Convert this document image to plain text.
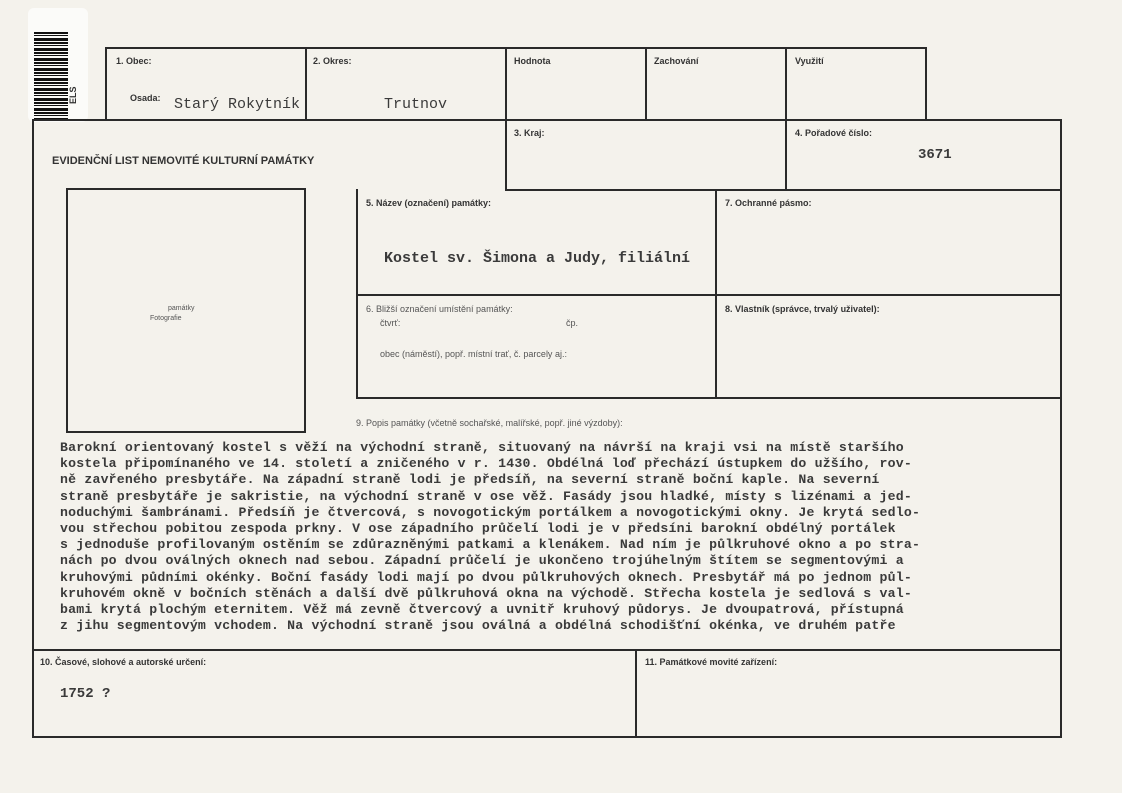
ELS
1. Obec:
Osada: Starý Rokytník
2. Okres:
Trutnov
Hodnota	Zachování	Využití
EVIDENČNÍ LIST NEMOVITÉ KULTURNÍ PAMÁTKY
3. Kraj:	4. Pořadové číslo:
3671
památky
Fotografie
5. Název (označení) památky:
Kostel sv. Šimona a Judy, filiální
7. Ochranné pásmo:
6. Bližší označení umístění památky:
čtvrť:	čp.
obec (náměstí), popř. místní trať, č. parcely aj.:
8. Vlastník (správce, trvalý uživatel):
9. Popis památky (včetně sochařské, malířské, popř. jiné výzdoby):
Barokní orientovaný kostel s věží na východní straně, situovaný na návrší na kraji vsi na místě staršího
kostela připomínaného ve 14. století a zničeného v r. 1430. Obdélná loď přechází ústupkem do užšího, rov-
ně zavřeného presbytáře. Na západní straně lodi je předsíň, na severní straně boční kaple. Na severní
straně presbytáře je sakristie, na východní straně v ose věž. Fasády jsou hladké, místy s lizénami a jed-
noduchými šambránami. Předsíň je čtvercová, s novogotickým portálkem a novogotickými okny. Je krytá sedlo-
vou střechou pobitou zespoda prkny. V ose západního průčelí lodi je v předsíni barokní obdélný portálek
s jednoduše profilovaným ostěním se zdůrazněnými patkami a klenákem. Nad ním je půlkruhové okno a po stra-
nách po dvou oválných oknech nad sebou. Západní průčelí je ukončeno trojúhelným štítem se segmentovými a
kruhovými půdními okénky. Boční fasády lodi mají po dvou půlkruhových oknech. Presbytář má po jednom půl-
kruhovém okně v bočních stěnách a další dvě půlkruhová okna na východě. Střecha kostela je sedlová s val-
bami krytá plochým eternitem. Věž má zevně čtvercový a uvnitř kruhový půdorys. Je dvoupatrová, přístupná
z jihu segmentovým vchodem. Na východní straně jsou oválná a obdélná schodišťní okénka, ve druhém patře
10. Časové, slohové a autorské určení:
1752 ?
11. Památkové movité zařízení:
